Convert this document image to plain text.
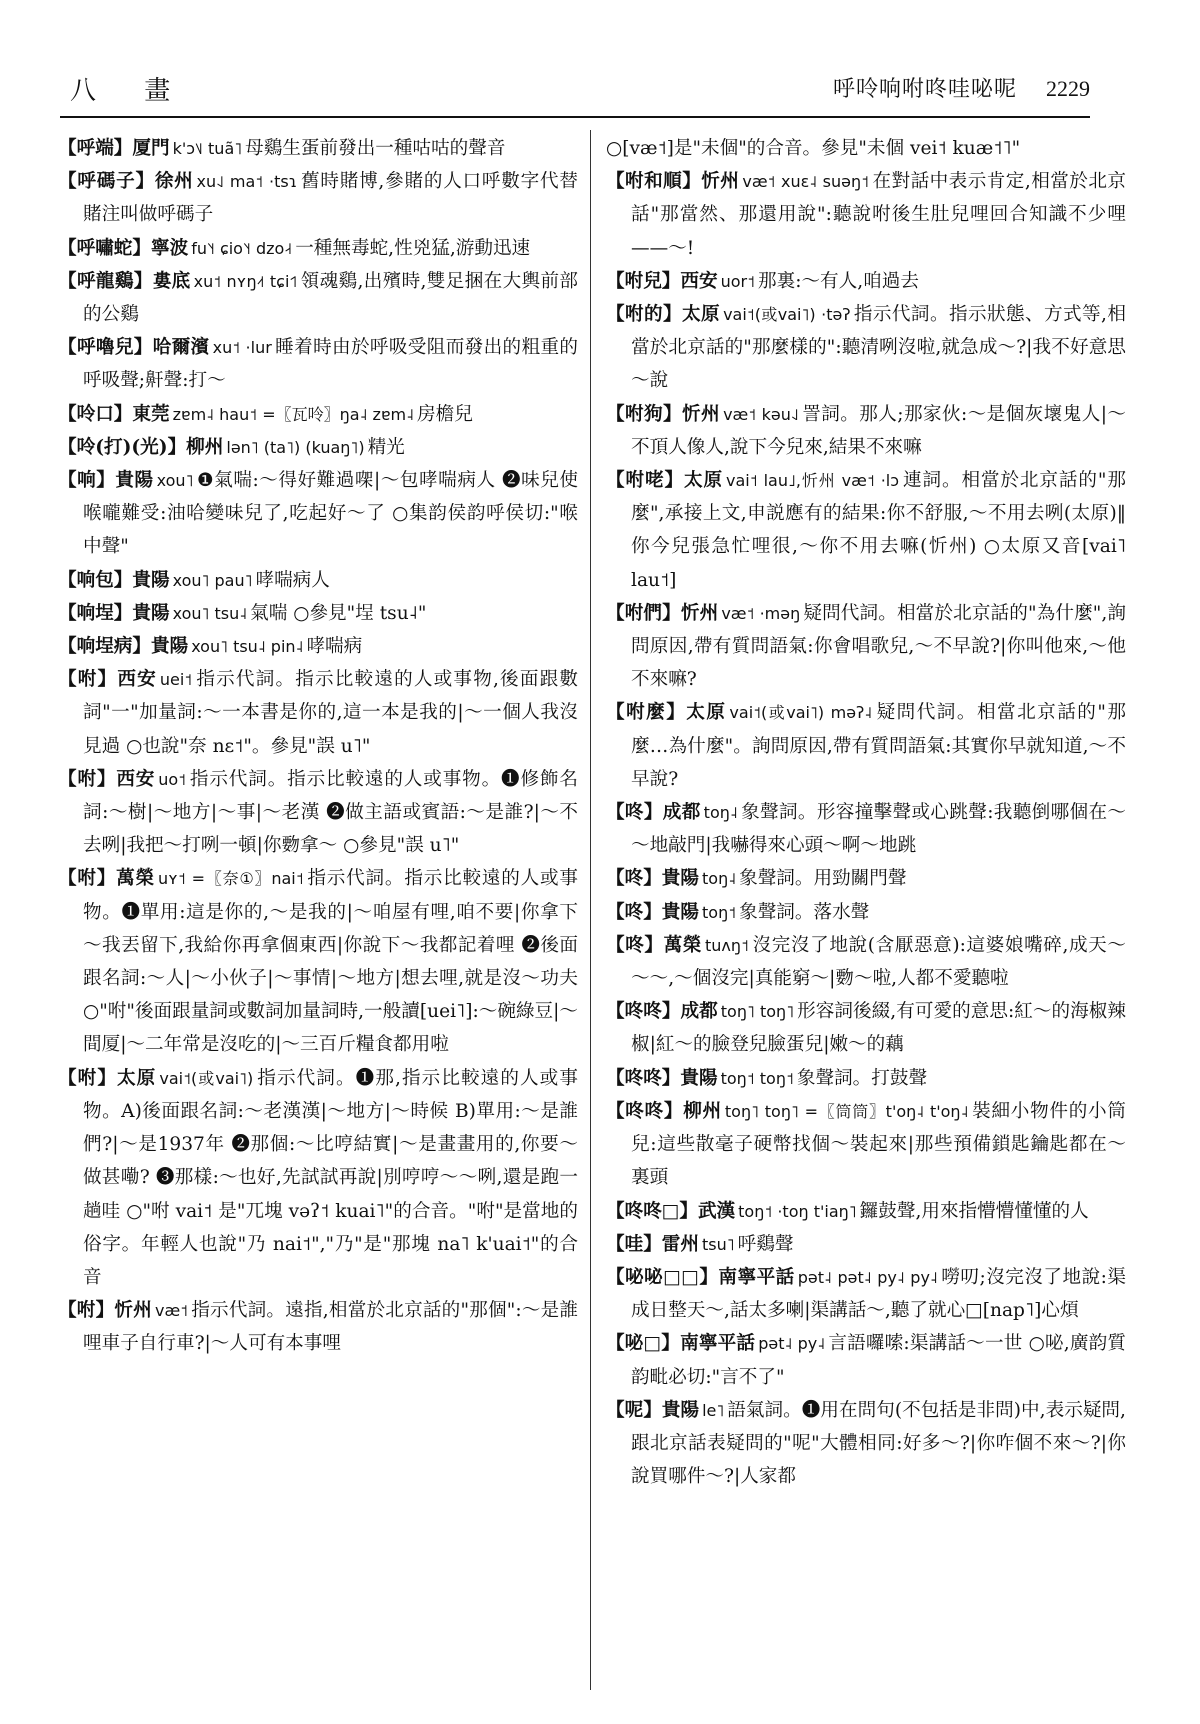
八 畫	呼呤响咐咚哇咇呢 2229
【呼端】厦門 k'ɔ˥˩ tuã˥ 母鷄生蛋前發出一種咕咕的聲音
【呼碼子】徐州 xu˨˩ ma˦ ·tsɿ 舊時賭博,參賭的人口呼數字代替賭注叫做呼碼子
【呼嘯蛇】寧波 fu˥˧ ɕio˥˧ dzo˨˧ 一種無毒蛇,性兇猛,游動迅速
【呼龍鷄】婁底 xu˦ nʏŋ˨˦ tɕi˦˥ 領魂鷄,出殯時,雙足捆在大輿前部的公鷄
【呼嚕兒】哈爾濱 xu˦ ·lur 睡着時由於呼吸受阻而發出的粗重的呼吸聲;鼾聲:打～
【呤口】東莞 zɐm˨ hau˦ =〖瓦呤〗ŋa˨ zɐm˨ 房檐兒
【呤(打)(光)】柳州 lən˥ (ta˥) (kuaŋ˥) 精光
【响】貴陽 xou˥ ❶氣喘:～得好難過㗎|～包哮喘病人 ❷味兒使喉嚨難受:油哈變味兒了,吃起好～了 ○集韵侯韵呼侯切:"喉中聲"
【响包】貴陽 xou˥ pau˥ 哮喘病人
【响埕】貴陽 xou˥ tsu˨ 氣喘 ○參見"埕 tsu˨"
【响埕病】貴陽 xou˥ tsu˨ pin˨ 哮喘病
【咐】西安 uei˦ 指示代詞。指示比較遠的人或事物,後面跟數詞"一"加量詞:～一本書是你的,這一本是我的|～一個人我沒見過 ○也說"奈 nɛ˦"。參見"誤 u˥"
【咐】西安 uo˦ 指示代詞。指示比較遠的人或事物。❶修飾名詞:～樹|～地方|～事|～老漢 ❷做主語或賓語:～是誰?|～不去咧|我把～打咧一頓|你覅拿～ ○參見"誤 u˥"
【咐】萬榮 uʏ˦ =〖奈①〗nai˦ 指示代詞。指示比較遠的人或事物。❶單用:這是你的,～是我的|～咱屋有哩,咱不要|你拿下～我丟留下,我給你再拿個東西|你說下～我都記着哩 ❷後面跟名詞:～人|～小伙子|～事情|～地方|想去哩,就是沒～功夫 ○"咐"後面跟量詞或數詞加量詞時,一般讀[uei˥]:～碗綠豆|～間厦|～二年常是沒吃的|～三百斤糧食都用啦
【咐】太原 vai˦(或vai˥) 指示代詞。❶那,指示比較遠的人或事物。A)後面跟名詞:～老漢漢|～地方|～時候 B)單用:～是誰們?|～是1937年 ❷那個:～比哼結實|～是畫畫用的,你要～做甚嘞? ❸那樣:～也好,先試試再說|別哼哼～～咧,還是跑一趟哇 ○"咐 vai˦ 是"兀塊 vəʔ˦ kuai˥"的合音。"咐"是當地的俗字。年輕人也說"乃 nai˦","乃"是"那塊 na˥ k'uai˦"的合音
【咐】忻州 væ˦ 指示代詞。遠指,相當於北京話的"那個":～是誰哩車子自行車?|～人可有本事哩
○[væ˦]是"未個"的合音。參見"未個 vei˦ kuæ˦˥"
【咐和順】忻州 væ˦ xuɛ˨ suəŋ˦ 在對話中表示肯定,相當於北京話"那當然、那還用說":聽說咐後生肚兒哩回合知識不少哩——～!
【咐兒】西安 uor˦ 那裏:～有人,咱過去
【咐的】太原 vai˦(或vai˥) ·təʔ 指示代詞。指示狀態、方式等,相當於北京話的"那麼樣的":聽清咧沒啦,就急成～?|我不好意思～說
【咐狗】忻州 væ˦ kəu˨˩ 詈詞。那人;那家伙:～是個灰壞鬼人|～不頂人像人,說下今兒來,結果不來嘛
【咐咾】太原 vai˦ lau˩,忻州 væ˦ ·lɔ 連詞。相當於北京話的"那麼",承接上文,申説應有的結果:你不舒服,～不用去咧(太原)‖你今兒張急忙哩很,～你不用去嘛(忻州) ○太原又音[vai˥ lau˦]
【咐們】忻州 væ˦ ·məŋ 疑問代詞。相當於北京話的"為什麼",詢問原因,帶有質問語氣:你會唱歌兒,～不早說?|你叫他來,～他不來嘛?
【咐麼】太原 vai˦(或vai˥) məʔ˨ 疑問代詞。相當北京話的"那麼…為什麼"。詢問原因,帶有質問語氣:其實你早就知道,～不早說?
【咚】成都 toŋ˨ 象聲詞。形容撞擊聲或心跳聲:我聽倒哪個在～～地敲門|我嚇得來心頭～啊～地跳
【咚】貴陽 toŋ˨ 象聲詞。用勁關門聲
【咚】貴陽 toŋ˦ 象聲詞。落水聲
【咚】萬榮 tuʌŋ˦ 沒完沒了地說(含厭惡意):這婆娘嘴碎,成天～～～,～個沒完|真能窮～|覅～啦,人都不愛聽啦
【咚咚】成都 toŋ˥ toŋ˥ 形容詞後綴,有可愛的意思:紅～的海椒辣椒|紅～的臉登兒臉蛋兒|嫩～的藕
【咚咚】貴陽 toŋ˦ toŋ˦ 象聲詞。打鼓聲
【咚咚】柳州 toŋ˥ toŋ˥ =〖筒筒〗t'oŋ˨ t'oŋ˨ 裝細小物件的小筒兒:這些散毫子硬幣找個～裝起來|那些預備鎖匙鑰匙都在～裏頭
【咚咚□】武漢 toŋ˦ ·toŋ t'iaŋ˥ 鑼鼓聲,用來指懵懵懂懂的人
【哇】雷州 tsu˥ 呼鷄聲
【咇咇□□】南寧平話 pət˨ pət˨ py˨ py˨ 嘮叨;沒完沒了地說:渠成日整天～,話太多喇|渠講話～,聽了就心□[nap˥]心煩
【咇□】南寧平話 pət˨ py˨ 言語囉嗦:渠講話～一世 ○咇,廣韵質韵毗必切:"言不了"
【呢】貴陽 le˥ 語氣詞。❶用在問句(不包括是非問)中,表示疑問,跟北京話表疑問的"呢"大體相同:好多～?|你咋個不來～?|你說買哪件～?|人家都
